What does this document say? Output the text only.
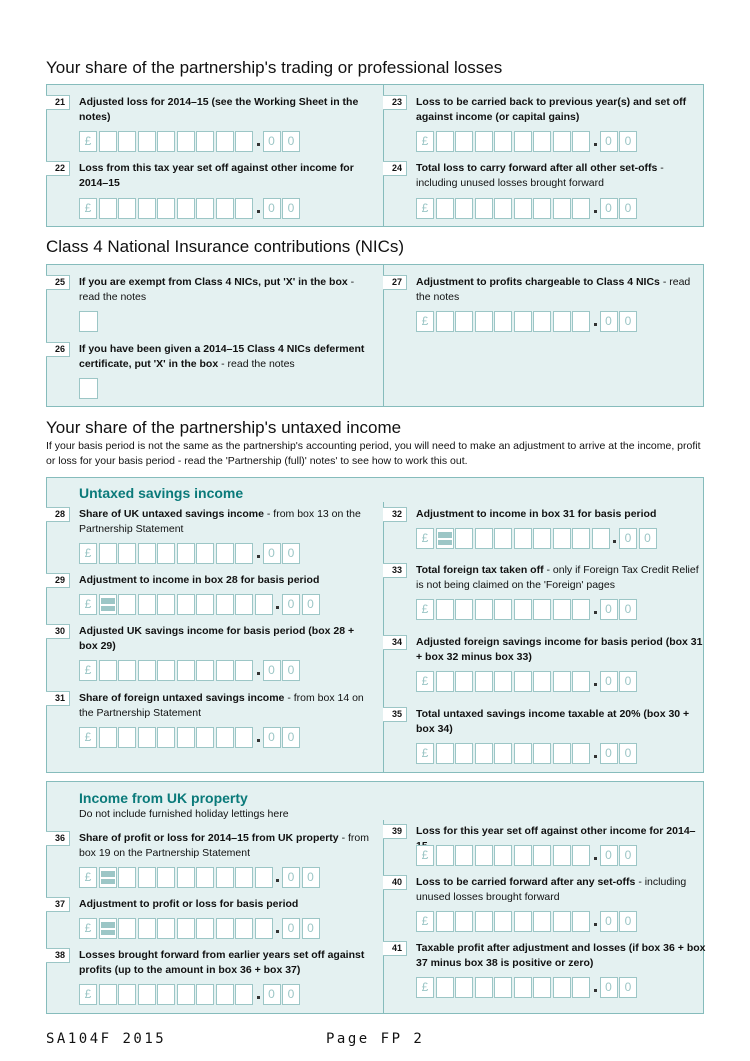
Your share of the partnership's trading or professional losses
Class 4 National Insurance contributions (NICs)
Your share of the partnership's untaxed income
If your basis period is not the same as the partnership's accounting period, you will need to make an adjustment to arrive at the income, profit or loss for your basis period - read the 'Partnership (full)' notes' to see how to work this out.
Untaxed savings income
Income from UK property
Do not include furnished holiday lettings here
21	Adjusted loss for 2014–15 (see the Working Sheet in the notes)
£	0	0
22	Loss from this tax year set off against other income for 2014–15
£	0	0
23	Loss to be carried back to previous year(s) and set off against income (or capital gains)
£	0	0
24	Total loss to carry forward after all other set-offs - including unused losses brought forward
£	0	0
25	If you are exempt from Class 4 NICs, put 'X' in the box - read the notes
26	If you have been given a 2014–15 Class 4 NICs deferment certificate, put 'X' in the box - read the notes
27	Adjustment to profits chargeable to Class 4 NICs - read the notes
£	0	0
28	Share of UK untaxed savings income - from box 13 on the Partnership Statement
£	0	0
29	Adjustment to income in box 28 for basis period
£	0	0
30	Adjusted UK savings income for basis period (box 28 + box 29)
£	0	0
31	Share of foreign untaxed savings income - from box 14 on the Partnership Statement
£	0	0
32	Adjustment to income in box 31 for basis period
£	0	0
33	Total foreign tax taken off - only if Foreign Tax Credit Relief is not being claimed on the 'Foreign' pages
£	0	0
34	Adjusted foreign savings income for basis period (box 31 + box 32 minus box 33)
£	0	0
35	Total untaxed savings income taxable at 20% (box 30 + box 34)
£	0	0
36	Share of profit or loss for 2014–15 from UK property - from box 19 on the Partnership Statement
£	0	0
37	Adjustment to profit or loss for basis period
£	0	0
38	Losses brought forward from earlier years set off against profits (up to the amount in box 36 + box 37)
£	0	0
39	Loss for this year set off against other income for 2014–
£	0	0
40	Loss to be carried forward after any set-offs - including unused losses brought forward
£	0	0
41	Taxable profit after adjustment and losses (if box 36 + box 37 minus box 38 is positive or zero)
£	0	0
SA104F 2015	Page FP 2
